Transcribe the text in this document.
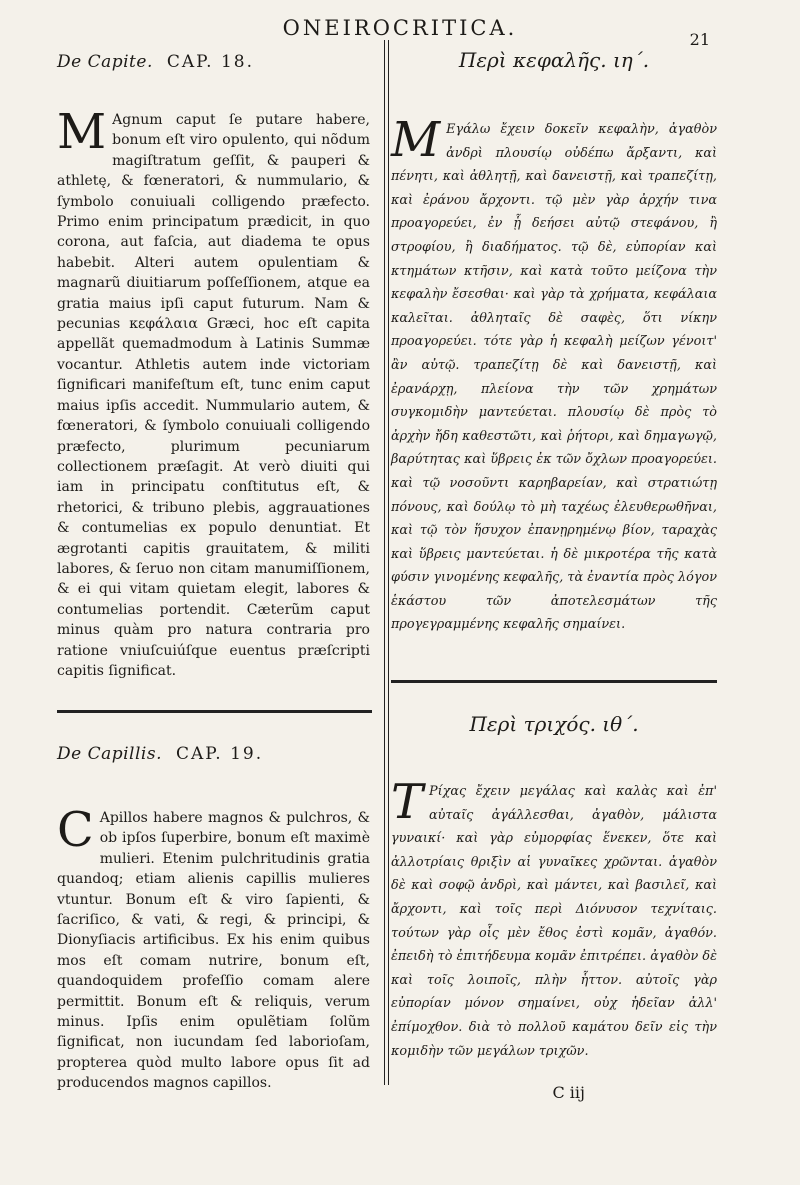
ONEIROCRITICA.	21
De Capite. CAP. 18.

M Agnum caput ſe putare habere, bonum eſt viro opulento, qui nõdum magiſtratum geſſit, & pauperi & athletę, & fœneratori, & nummulario, & ſymbolo conuiuali colligendo præfecto. Primo enim principatum prædicit, in quo corona, aut faſcia, aut diadema te opus habebit. Alteri autem opulentiam & magnarũ diuitiarum poſſeſſionem, atque ea gratia maius ipſi caput futurum. Nam & pecunias κεφάλαια Græci, hoc eſt capita appellãt quemadmodum à Latinis Summæ vocantur. Athletis autem inde victoriam ſignificari manifeſtum eſt, tunc enim caput maius ipſis accedit. Nummulario autem, & fœneratori, & ſymbolo conuiuali colligendo præfecto, plurimum pecuniarum collectionem præſagit. At verò diuiti qui iam in principatu conſtitutus eſt, & rhetorici, & tribuno plebis, aggrauationes & contumelias ex populo denuntiat. Et ægrotanti capitis grauitatem, & militi labores, & ſeruo non citam manumiſſionem, & ei qui vitam quietam elegit, labores & contumelias portendit. Cæterũm caput minus quàm pro natura contraria pro ratione vniuſcuiúſque euentus præſcripti capitis ſignificat.

De Capillis. CAP. 19.

C Apillos habere magnos & pulchros, & ob ipſos ſuperbire, bonum eſt maximè mulieri. Etenim pulchritudinis gratia quandoq; etiam alienis capillis mulieres vtuntur. Bonum eſt & viro ſapienti, & ſacriſico, & vati, & regi, & principi, & Dionyſiacis artificibus. Ex his enim quibus mos eſt comam nutrire, bonum eſt, quandoquidem profeſſio comam alere permittit. Bonum eſt & reliquis, verum minus. Ipſis enim opulẽtiam ſolũm ſignificat, non iucundam ſed laborioſam, propterea quòd multo labore opus ſit ad producendos magnos capillos.

Περὶ κεφαλῆς. ιη΄.

M Εγάλω ἔχειν δοκεῖν κεφαλὴν, ἀγαθὸν ἀνδρὶ πλουσίῳ οὐδέπω ἄρξαντι, καὶ πένητι, καὶ ἀθλητῇ, καὶ δανειστῇ, καὶ τραπεζίτῃ, καὶ ἐράνου ἄρχοντι. τῷ μὲν γὰρ ἀρχήν τινα προαγορεύει, ἐν ᾗ δεήσει αὐτῷ στεφάνου, ἢ στροφίου, ἢ διαδήματος. τῷ δὲ, εὐπορίαν καὶ κτημάτων κτῆσιν, καὶ κατὰ τοῦτο μείζονα τὴν κεφαλὴν ἔσεσθαι· καὶ γὰρ τὰ χρήματα, κεφάλαια καλεῖται. ἀθληταῖς δὲ σαφὲς, ὅτι νίκην προαγορεύει. τότε γὰρ ἡ κεφαλὴ μείζων γένοιτ' ἂν αὐτῷ. τραπεζίτῃ δὲ καὶ δανειστῇ, καὶ ἐρανάρχῃ, πλείονα τὴν τῶν χρημάτων συγκομιδὴν μαντεύεται. πλουσίῳ δὲ πρὸς τὸ ἀρχὴν ἤδη καθεστῶτι, καὶ ῥήτορι, καὶ δημαγωγῷ, βαρύτητας καὶ ὕβρεις ἐκ τῶν ὄχλων προαγορεύει. καὶ τῷ νοσοῦντι καρηβαρείαν, καὶ στρατιώτῃ πόνους, καὶ δούλῳ τὸ μὴ ταχέως ἐλευθερωθῆναι, καὶ τῷ τὸν ἥσυχον ἐπανῃρημένῳ βίον, ταραχὰς καὶ ὕβρεις μαντεύεται. ἡ δὲ μικροτέρα τῆς κατὰ φύσιν γινομένης κεφαλῆς, τὰ ἐναντία πρὸς λόγον ἑκάστου τῶν ἀποτελεσμάτων τῆς προγεγραμμένης κεφαλῆς σημαίνει.

Περὶ τριχός. ιθ΄.

T Ρίχας ἔχειν μεγάλας καὶ καλὰς καὶ ἐπ' αὐταῖς ἀγάλλεσθαι, ἀγαθὸν, μάλιστα γυναικί· καὶ γὰρ εὐμορφίας ἕνεκεν, ὅτε καὶ ἀλλοτρίαις θριξὶν αἱ γυναῖκες χρῶνται. ἀγαθὸν δὲ καὶ σοφῷ ἀνδρὶ, καὶ μάντει, καὶ βασιλεῖ, καὶ ἄρχοντι, καὶ τοῖς περὶ Διόνυσον τεχνίταις. τούτων γὰρ οἷς μὲν ἔθος ἐστὶ κομᾶν, ἀγαθόν. ἐπειδὴ τὸ ἐπιτήδευμα κομᾶν ἐπιτρέπει. ἀγαθὸν δὲ καὶ τοῖς λοιποῖς, πλὴν ἧττον. αὐτοῖς γὰρ εὐπορίαν μόνον σημαίνει, οὐχ ἡδεῖαν ἀλλ' ἐπίμοχθον. διὰ τὸ πολλοῦ καμάτου δεῖν εἰς τὴν κομιδὴν τῶν μεγάλων τριχῶν.

C iij
